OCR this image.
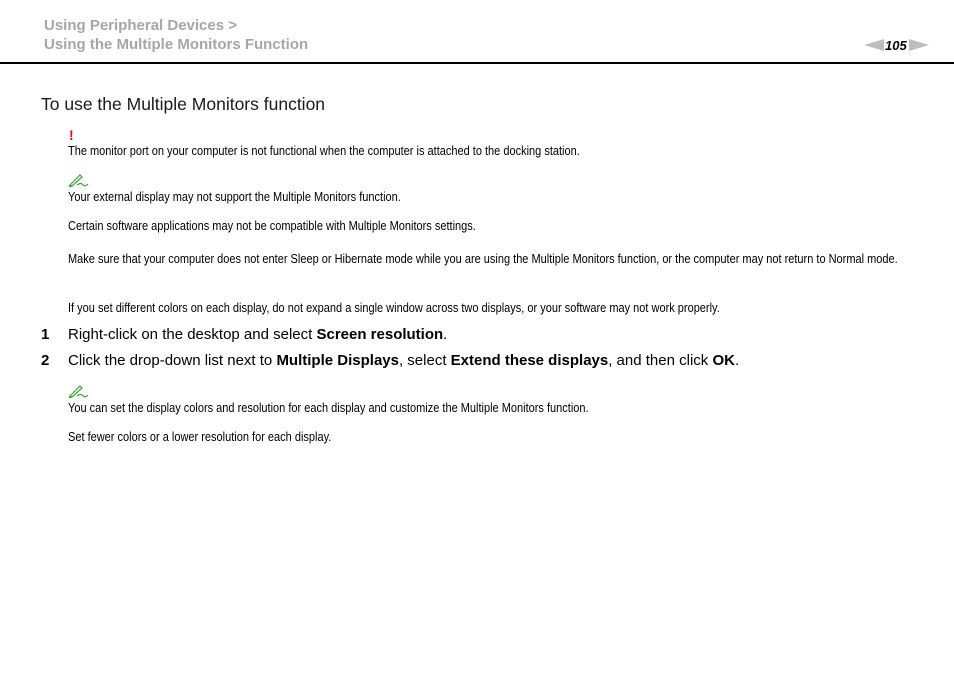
Using Peripheral Devices >
Using the Multiple Monitors Function	105
To use the Multiple Monitors function
!
The monitor port on your computer is not functional when the computer is attached to the docking station.
Your external display may not support the Multiple Monitors function.
Certain software applications may not be compatible with Multiple Monitors settings.
Make sure that your computer does not enter Sleep or Hibernate mode while you are using the Multiple Monitors function, or the computer may not return to Normal mode.
If you set different colors on each display, do not expand a single window across two displays, or your software may not work properly.
1 Right-click on the desktop and select Screen resolution.
2 Click the drop-down list next to Multiple Displays, select Extend these displays, and then click OK.
You can set the display colors and resolution for each display and customize the Multiple Monitors function.
Set fewer colors or a lower resolution for each display.
